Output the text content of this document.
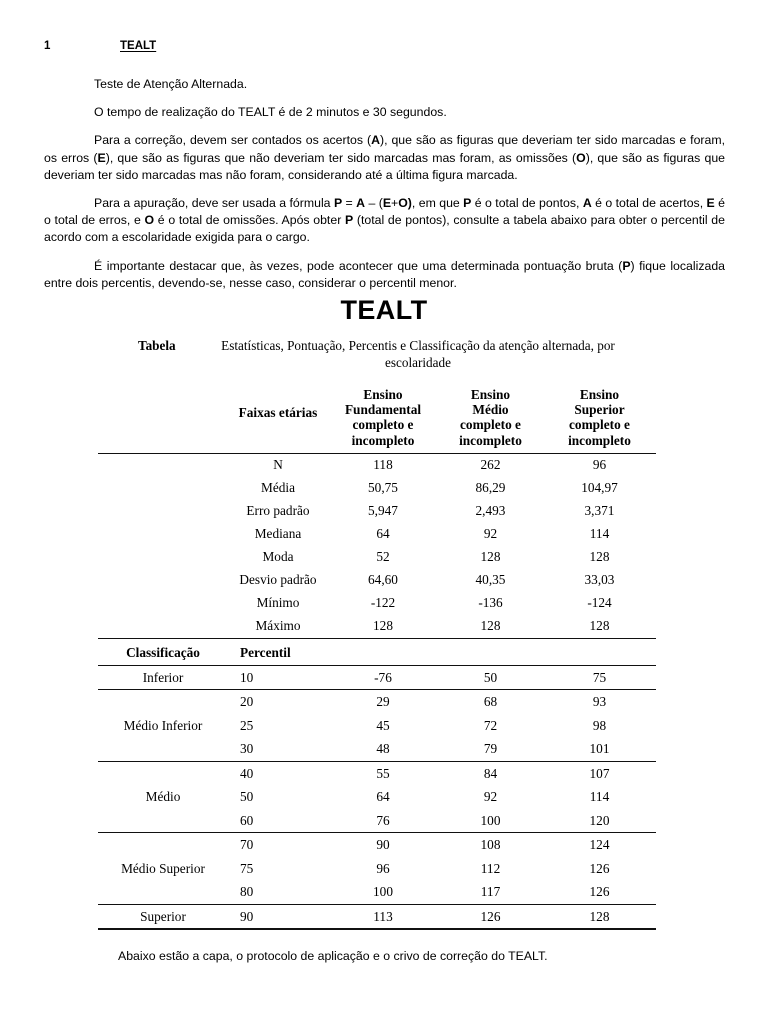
1	TEALT

Teste de Atenção Alternada.

O tempo de realização do TEALT é de 2 minutos e 30 segundos.

Para a correção, devem ser contados os acertos (A), que são as figuras que deveriam ter sido marcadas e foram, os erros (E), que são as figuras que não deveriam ter sido marcadas mas foram, as omissões (O), que são as figuras que deveriam ter sido marcadas mas não foram, considerando até a última figura marcada.

Para a apuração, deve ser usada a fórmula P = A – (E+O), em que P é o total de pontos, A é o total de acertos, E é o total de erros, e O é o total de omissões. Após obter P (total de pontos), consulte a tabela abaixo para obter o percentil de acordo com a escolaridade exigida para o cargo.

É importante destacar que, às vezes, pode acontecer que uma determinada pontuação bruta (P) fique localizada entre dois percentis, devendo-se, nesse caso, considerar o percentil menor.

TEALT
Tabela	Estatísticas, Pontuação, Percentis e Classificação da atenção alternada, por escolaridade
	Faixas etárias	Ensino
Fundamental
completo e
incompleto	Ensino
Médio
completo e
incompleto	Ensino
Superior
completo e
incompleto
	N	118	262	96
	Média	50,75	86,29	104,97
	Erro padrão	5,947	2,493	3,371
	Mediana	64	92	114
	Moda	52	128	128
	Desvio padrão	64,60	40,35	33,03
	Mínimo	-122	-136	-124
	Máximo	128	128	128
Classificação	Percentil			
Inferior	10	-76	50	75
Médio Inferior	20	29	68	93
	25	45	72	98
	30	48	79	101
Médio	40	55	84	107
	50	64	92	114
	60	76	100	120
Médio Superior	70	90	108	124
	75	96	112	126
	80	100	117	126
Superior	90	113	126	128
Abaixo estão a capa, o protocolo de aplicação e o crivo de correção do TEALT.
